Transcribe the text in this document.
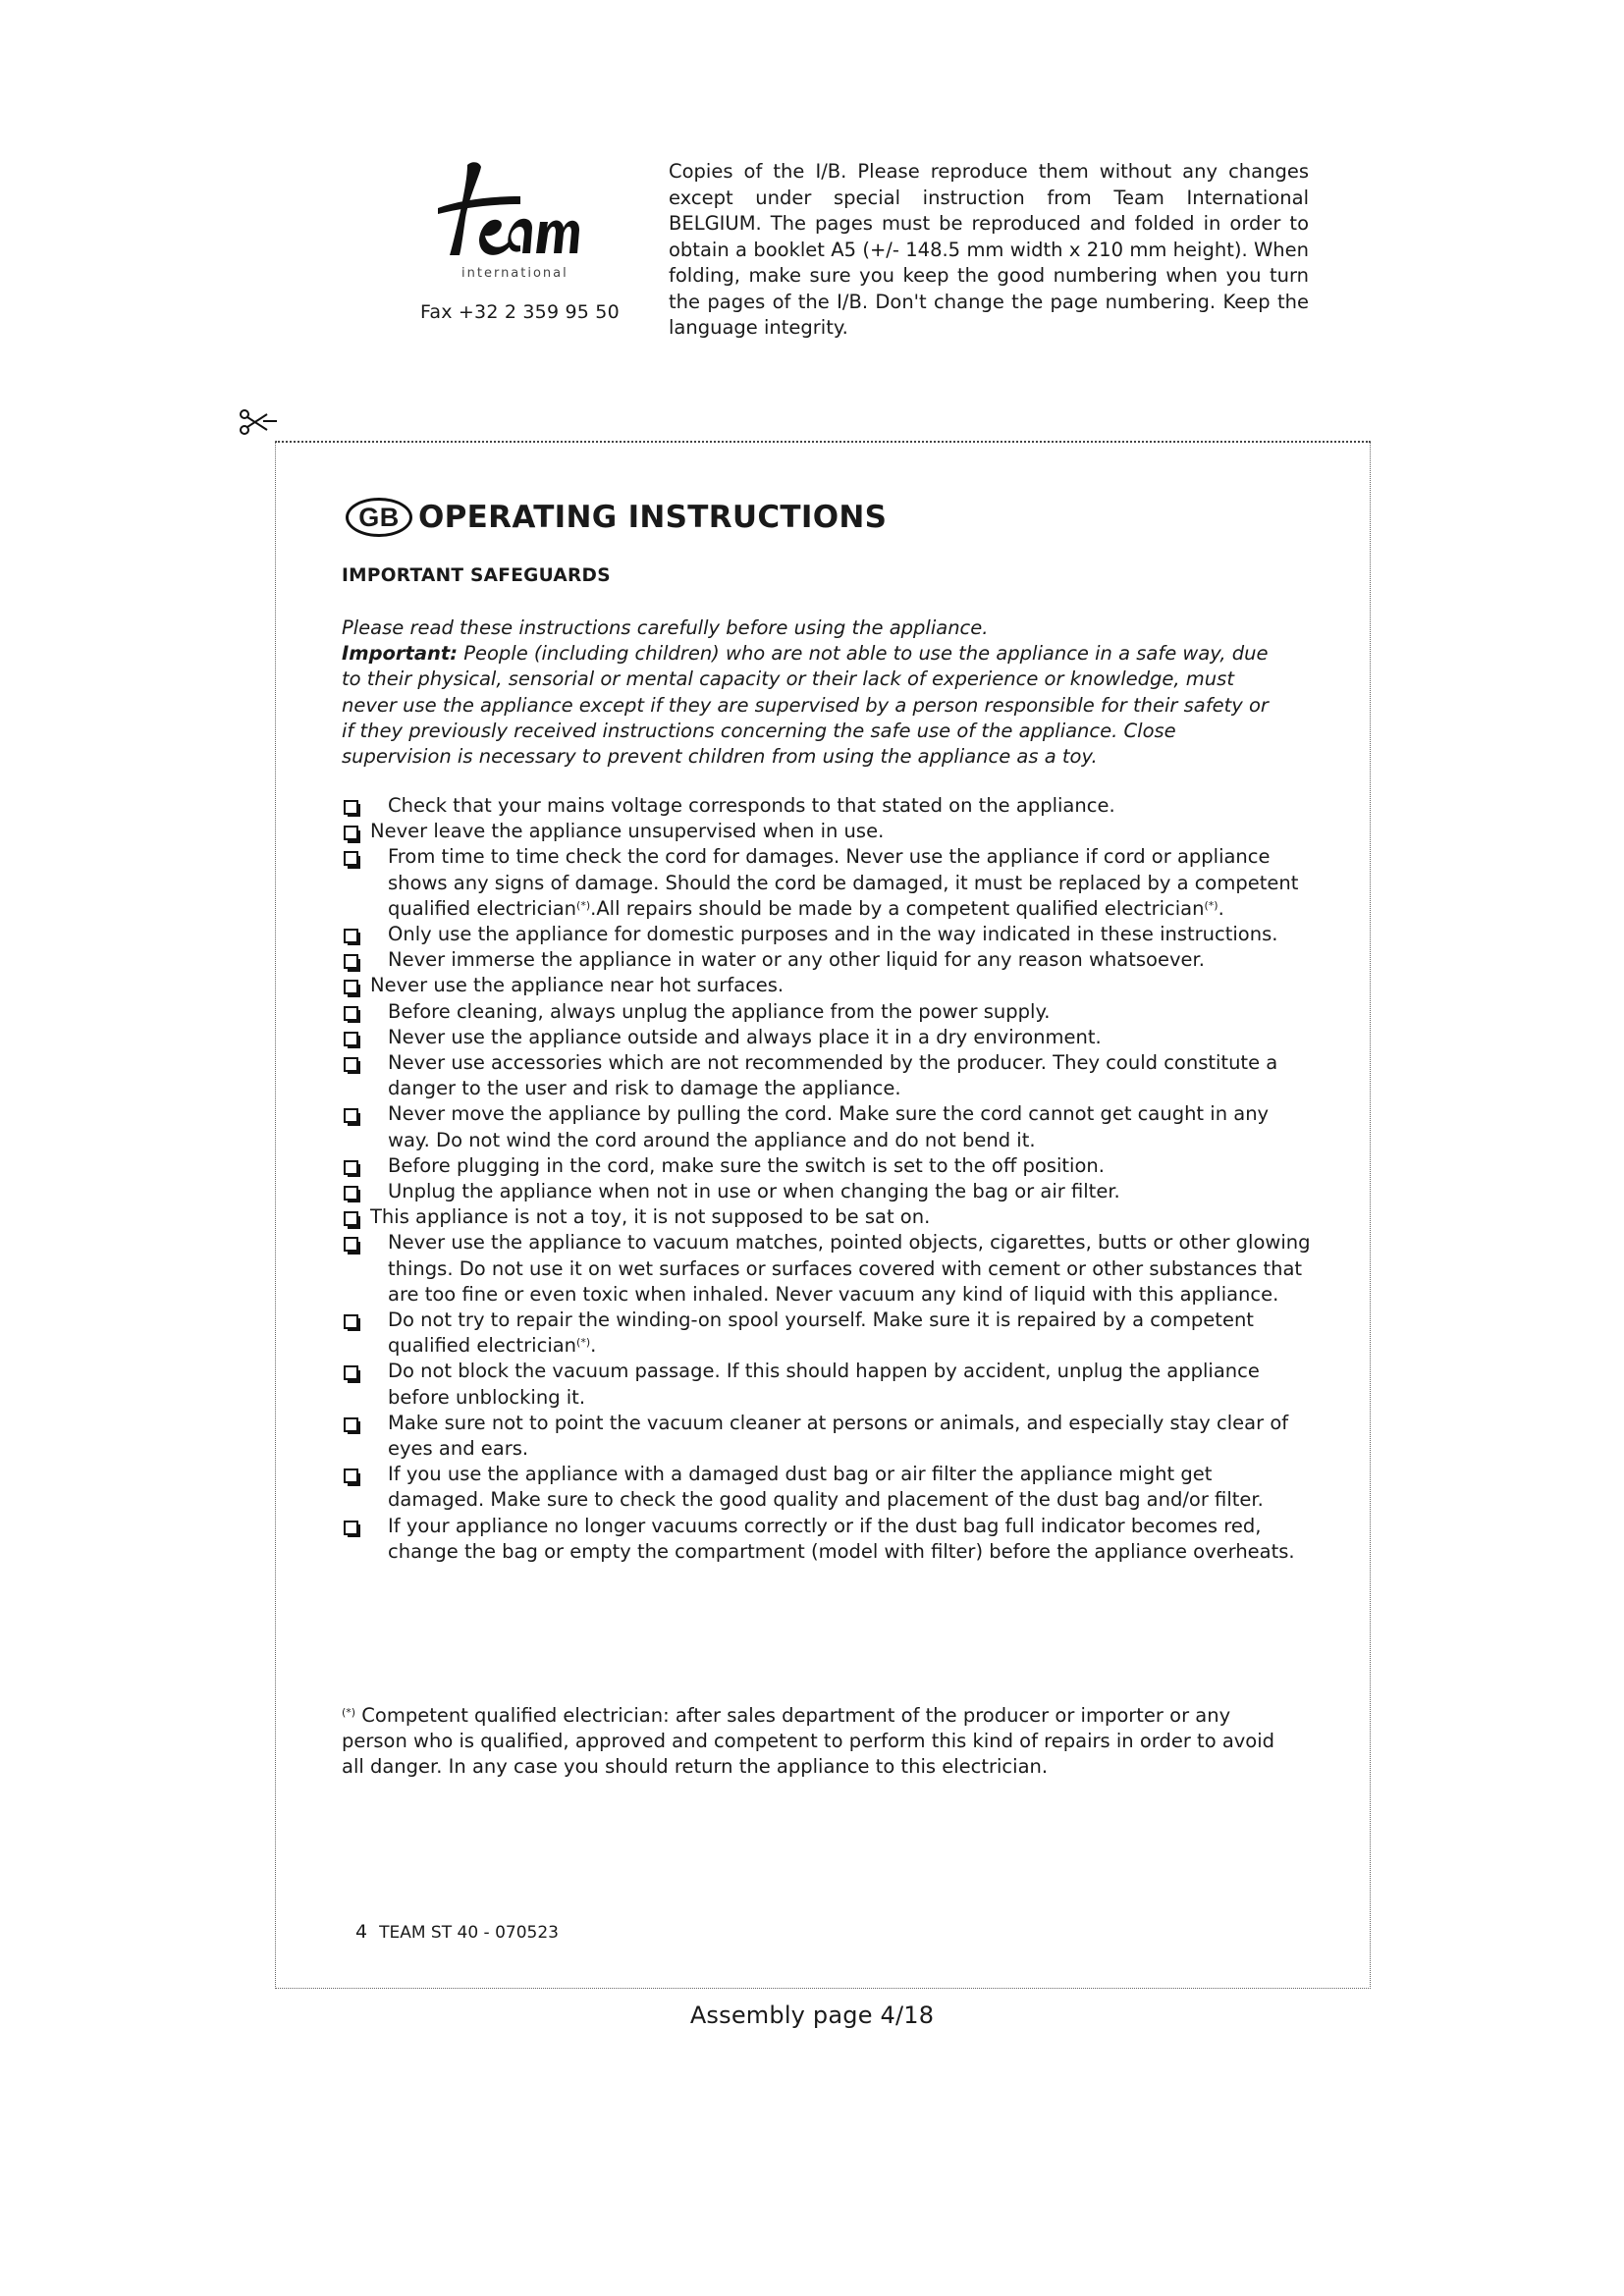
international
Fax +32 2 359 95 50
Copies of the I/B. Please reproduce them without any changes except under special instruction from Team International BELGIUM. The pages must be reproduced and folded in order to obtain a booklet A5 (+/- 148.5 mm width x 210 mm height). When folding, make sure you keep the good numbering when you turn the pages of the I/B. Don't change the page numbering. Keep the language integrity.
GB OPERATING INSTRUCTIONS
IMPORTANT SAFEGUARDS
Please read these instructions carefully before using the appliance.
Important: People (including children) who are not able to use the appliance in a safe way, due to their physical, sensorial or mental capacity or their lack of experience or knowledge, must never use the appliance except if they are supervised by a person responsible for their safety or if they previously received instructions concerning the safe use of the appliance. Close supervision is necessary to prevent children from using the appliance as a toy.
Check that your mains voltage corresponds to that stated on the appliance.
Never leave the appliance unsupervised when in use.
From time to time check the cord for damages. Never use the appliance if cord or appliance shows any signs of damage. Should the cord be damaged, it must be replaced by a competent qualified electrician(*).All repairs should be made by a competent qualified electrician(*).
Only use the appliance for domestic purposes and in the way indicated in these instructions.
Never immerse the appliance in water or any other liquid for any reason whatsoever.
Never use the appliance near hot surfaces.
Before cleaning, always unplug the appliance from the power supply.
Never use the appliance outside and always place it in a dry environment.
Never use accessories which are not recommended by the producer. They could constitute a danger to the user and risk to damage the appliance.
Never move the appliance by pulling the cord. Make sure the cord cannot get caught in any way. Do not wind the cord around the appliance and do not bend it.
Before plugging in the cord, make sure the switch is set to the off position.
Unplug the appliance when not in use or when changing the bag or air filter.
This appliance is not a toy, it is not supposed to be sat on.
Never use the appliance to vacuum matches, pointed objects, cigarettes, butts or other glowing things. Do not use it on wet surfaces or surfaces covered with cement or other substances that are too fine or even toxic when inhaled. Never vacuum any kind of liquid with this appliance.
Do not try to repair the winding-on spool yourself. Make sure it is repaired by a competent qualified electrician(*).
Do not block the vacuum passage. If this should happen by accident, unplug the appliance before unblocking it.
Make sure not to point the vacuum cleaner at persons or animals, and especially stay clear of eyes and ears.
If you use the appliance with a damaged dust bag or air filter the appliance might get damaged. Make sure to check the good quality and placement of the dust bag and/or filter.
If your appliance no longer vacuums correctly or if the dust bag full indicator becomes red, change the bag or empty the compartment (model with filter) before the appliance overheats.
(*) Competent qualified electrician: after sales department of the producer or importer or any person who is qualified, approved and competent to perform this kind of repairs in order to avoid all danger. In any case you should return the appliance to this electrician.
4 TEAM ST 40 - 070523
Assembly page 4/18
